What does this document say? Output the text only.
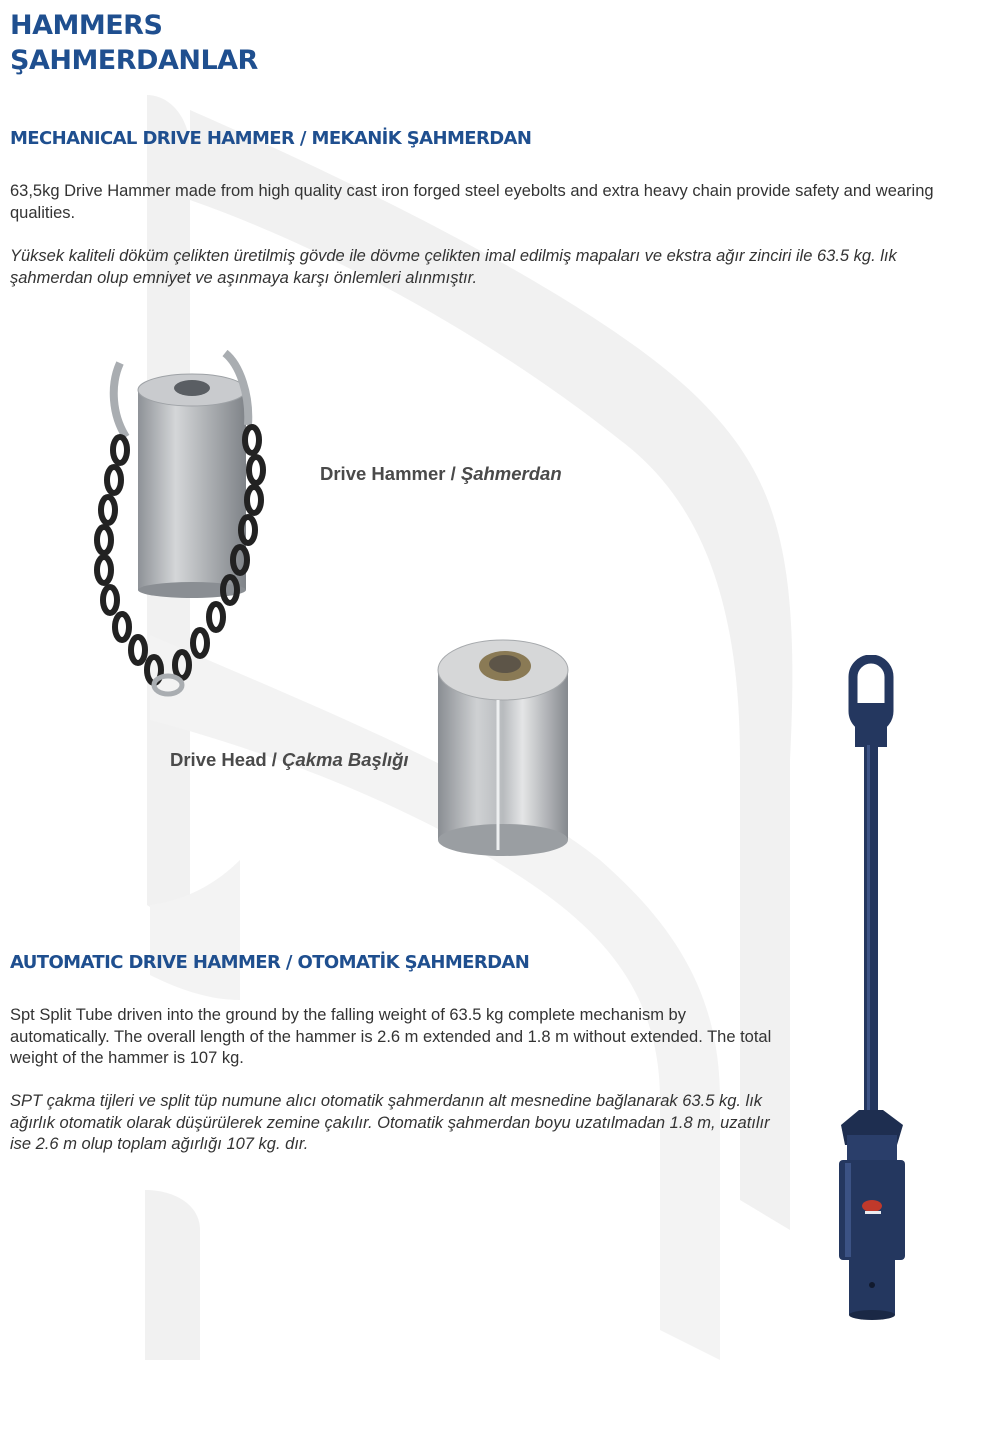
HAMMERS
ŞAHMERDANLAR
MECHANICAL DRIVE HAMMER / MEKANİK ŞAHMERDAN
63,5kg Drive Hammer made from high quality cast iron forged steel eyebolts and extra heavy chain provide safety and wearing qualities.
Yüksek kaliteli döküm çelikten üretilmiş gövde ile dövme çelikten imal edilmiş mapaları ve ekstra ağır zinciri ile 63.5 kg. lık şahmerdan olup emniyet ve aşınmaya karşı önlemleri alınmıştır.
Drive Hammer / Şahmerdan
Drive Head / Çakma Başlığı
AUTOMATIC DRIVE HAMMER / OTOMATİK ŞAHMERDAN
Spt Split Tube driven into the ground by the falling weight of 63.5 kg complete mechanism by automatically. The overall length of the hammer is 2.6 m extended and 1.8 m without extended. The total weight of the hammer is 107 kg.
SPT çakma tijleri ve split tüp numune alıcı otomatik şahmerdanın alt mesnedine bağlanarak 63.5 kg. lık ağırlık otomatik olarak düşürülerek zemine çakılır. Otomatik şahmerdan boyu uzatılmadan 1.8 m, uzatılır ise 2.6 m olup toplam ağırlığı 107 kg. dır.
